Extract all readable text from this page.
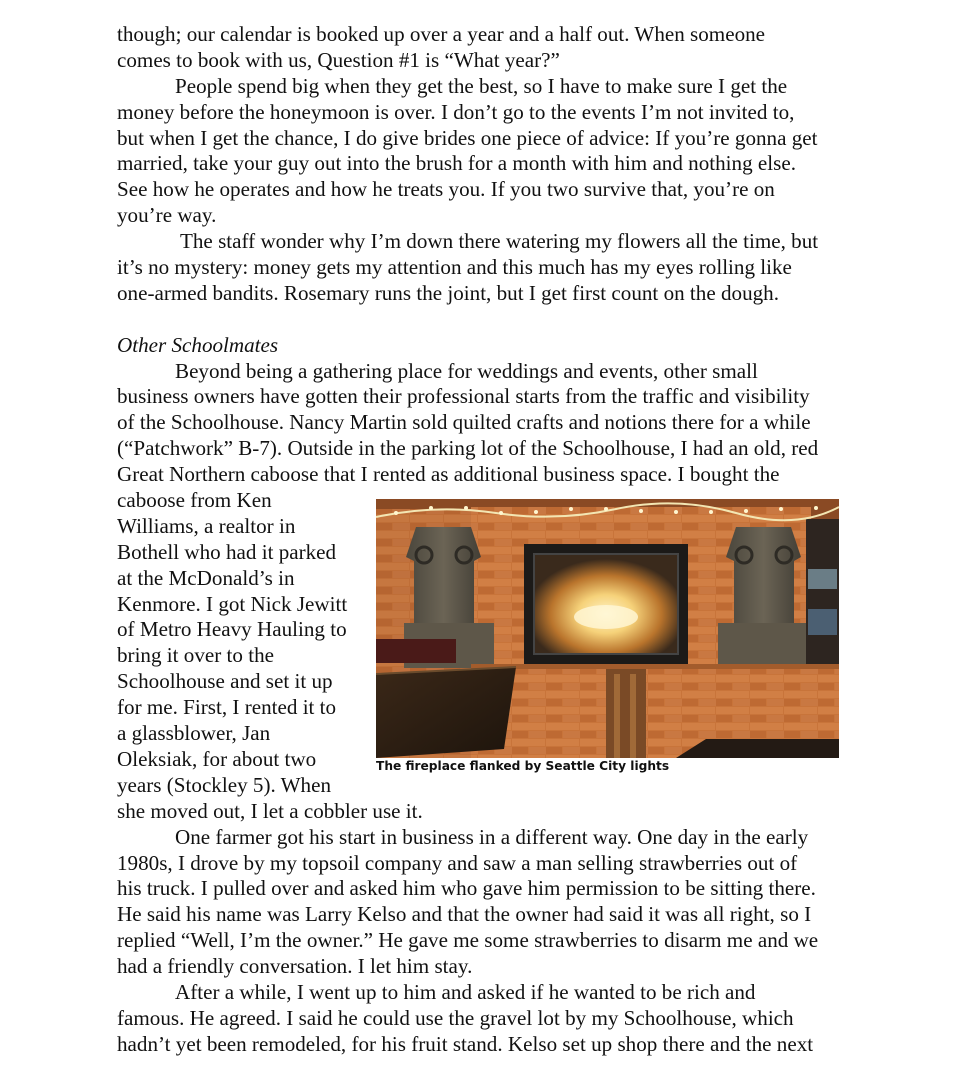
though; our calendar is booked up over a year and a half out. When someone
comes to book with us, Question #1 is “What year?”
People spend big when they get the best, so I have to make sure I get the
money before the honeymoon is over. I don’t go to the events I’m not invited to,
but when I get the chance, I do give brides one piece of advice: If you’re gonna get
married, take your guy out into the brush for a month with him and nothing else.
See how he operates and how he treats you. If you two survive that, you’re on
you’re way.
The staff wonder why I’m down there watering my flowers all the time, but
it’s no mystery: money gets my attention and this much has my eyes rolling like
one-armed bandits. Rosemary runs the joint, but I get first count on the dough.
Other Schoolmates
Beyond being a gathering place for weddings and events, other small
business owners have gotten their professional starts from the traffic and visibility
of the Schoolhouse. Nancy Martin sold quilted crafts and notions there for a while
(“Patchwork” B-7). Outside in the parking lot of the Schoolhouse, I had an old, red
Great Northern caboose that I rented as additional business space. I bought the
caboose from Ken
Williams, a realtor in
Bothell who had it parked
at the McDonald’s in
Kenmore. I got Nick Jewitt
of Metro Heavy Hauling to
bring it over to the
Schoolhouse and set it up
for me. First, I rented it to
a glassblower, Jan
Oleksiak, for about two
years (Stockley 5). When
she moved out, I let a cobbler use it.
One farmer got his start in business in a different way. One day in the early
1980s, I drove by my topsoil company and saw a man selling strawberries out of
his truck. I pulled over and asked him who gave him permission to be sitting there.
He said his name was Larry Kelso and that the owner had said it was all right, so I
replied “Well, I’m the owner.” He gave me some strawberries to disarm me and we
had a friendly conversation. I let him stay.
After a while, I went up to him and asked if he wanted to be rich and
famous. He agreed. I said he could use the gravel lot by my Schoolhouse, which
hadn’t yet been remodeled, for his fruit stand. Kelso set up shop there and the next
The fireplace flanked by Seattle City lights
